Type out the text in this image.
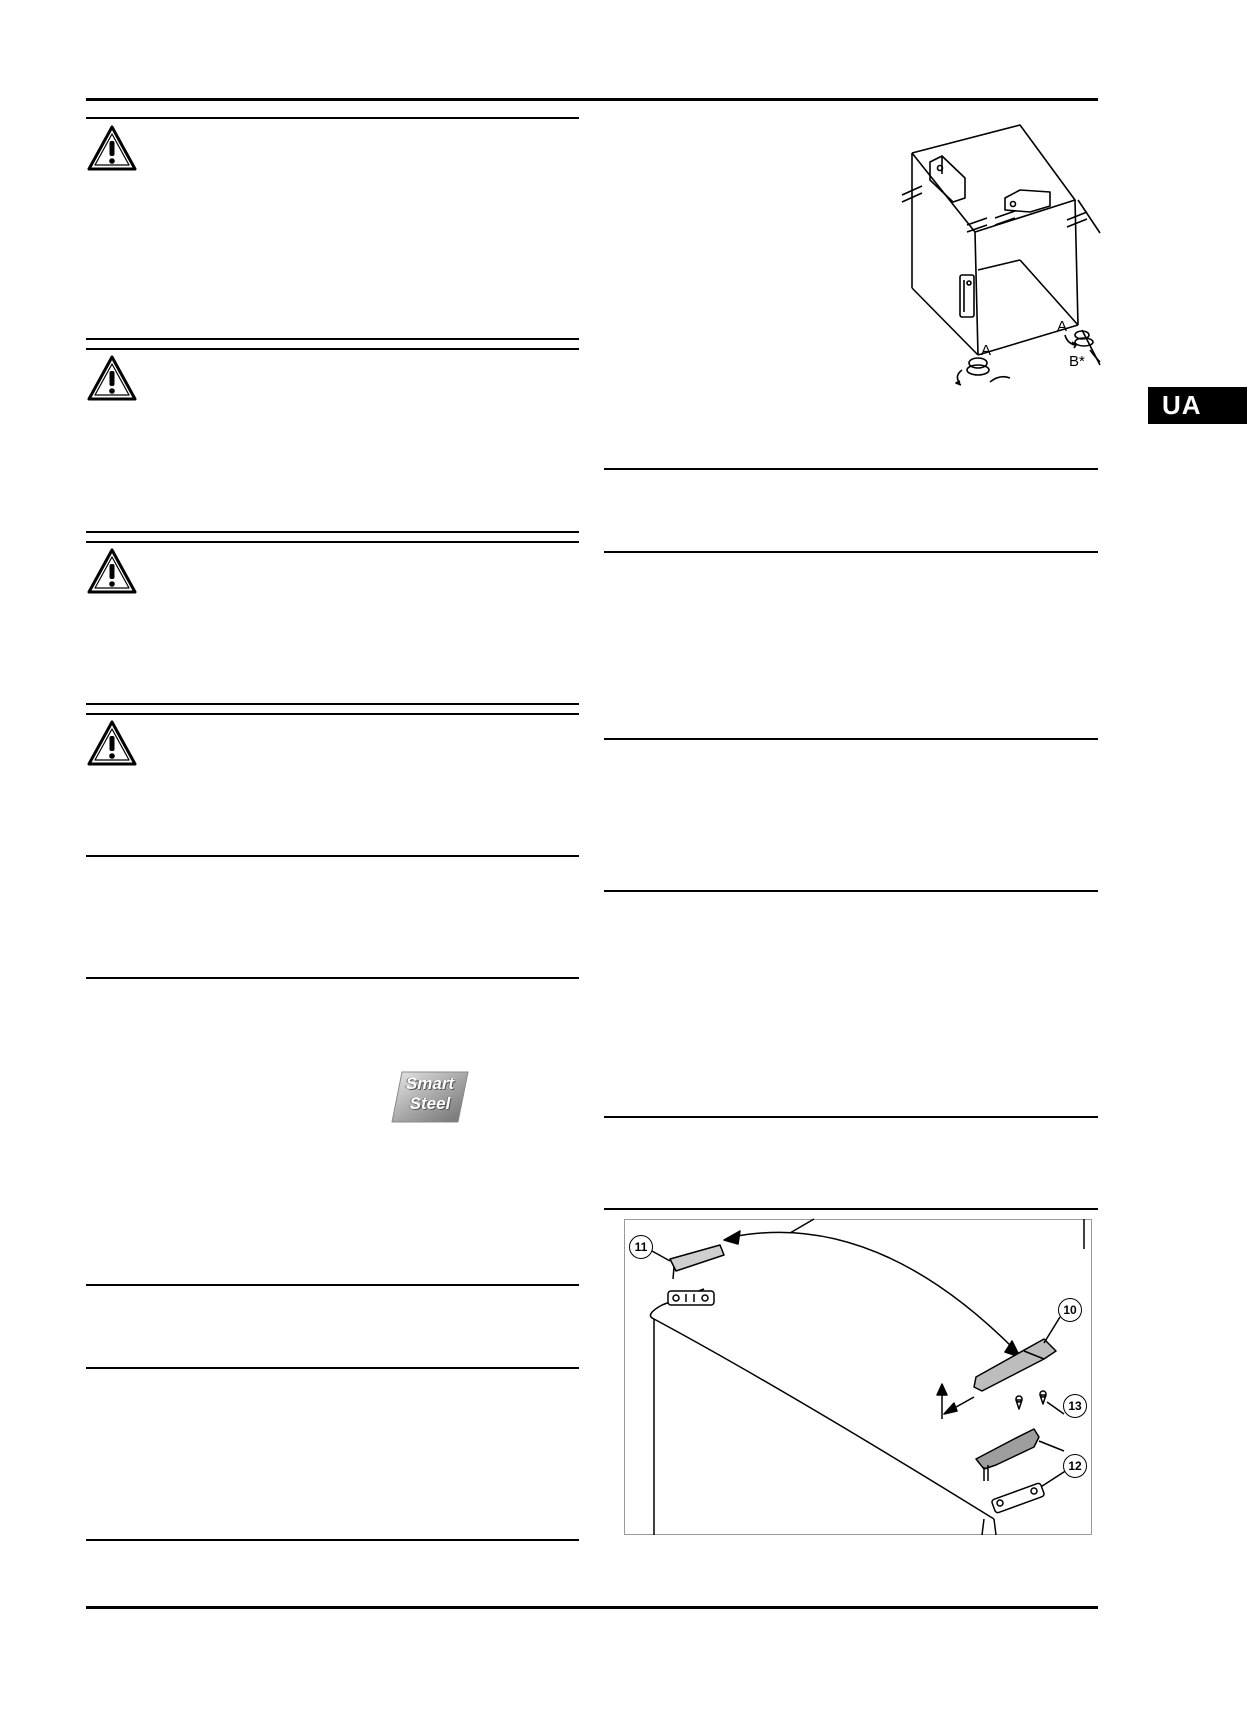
Smart
Steel
UA
A
A
B*
11
10
13
12
